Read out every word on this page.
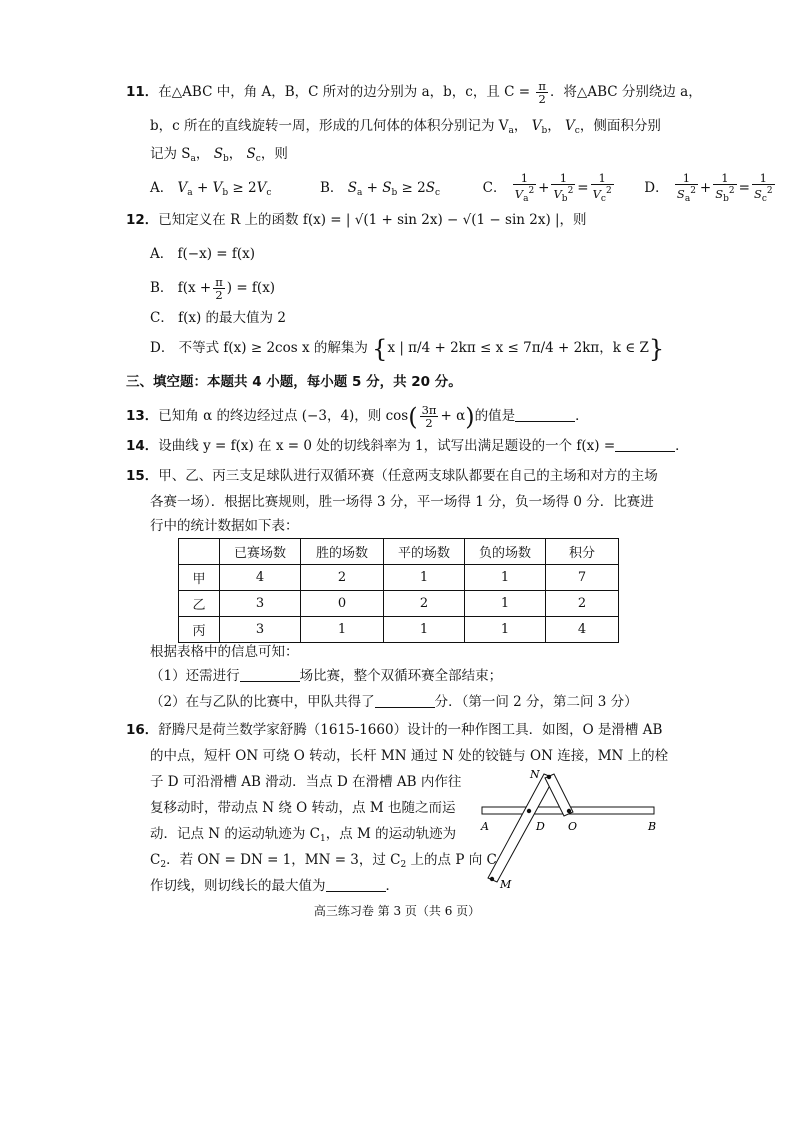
11．在△ABC 中，角 A，B，C 所对的边分别为 a，b，c，且 $C = \frac{\pi}{2}$ ．将△ABC 分别绕边 a，
b，c 所在的直线旋转一周，形成的几何体的体积分别记为 $V_a$， $V_b$， $V_c$，侧面积分别
记为 $S_a$， $S_b$， $S_c$，则
A． $V_a + V_b \ge 2V_c$	B． $S_a + S_b \ge 2S_c$	C． $\frac{1}{V_a^2} + \frac{1}{V_b^2} = \frac{1}{V_c^2}$ D． $\frac{1}{S_a^2} + \frac{1}{S_b^2} = \frac{1}{S_c^2}$
12．已知定义在 R 上的函数 f(x) = | √(1 + sin 2x) − √(1 − sin 2x) |，则
A． f(−x) = f(x)
B． $f(x + \frac{\pi}{2}$ ) = f(x)
C． f(x) 的最大值为 2
D． 不等式 f(x) ≥ 2cos x 的解集为 {x | π/4 + 2kπ ≤ x ≤ 7π/4 + 2kπ，k ∈ Z}
三、填空题：本题共 4 小题，每小题 5 分，共 20 分。
13．已知角 α 的终边经过点 (−3，4)，则 $\cos( \frac{3\pi}{2} + \alpha)$的值是	．
14．设曲线 y = f(x) 在 x = 0 处的切线斜率为 1，试写出满足题设的一个 f(x) =	．
15．甲、乙、丙三支足球队进行双循环赛（任意两支球队都要在自己的主场和对方的主场
各赛一场）．根据比赛规则，胜一场得 3 分，平一场得 1 分，负一场得 0 分．比赛进
行中的统计数据如下表：
	已赛场数	胜的场数	平的场数	负的场数	积分
甲	4	2	1	1	7
乙	3	0	2	1	2
丙	3	1	1	1	4
根据表格中的信息可知：
（1）还需进行	场比赛，整个双循环赛全部结束；
（2）在与乙队的比赛中，甲队共得了	分．（第一问 2 分，第二问 3 分）
16．舒腾尺是荷兰数学家舒腾（1615-1660）设计的一种作图工具．如图，O 是滑槽 AB
的中点，短杆 ON 可绕 O 转动，长杆 MN 通过 N 处的铰链与 ON 连接，MN 上的栓
子 D 可沿滑槽 AB 滑动．当点 D 在滑槽 AB 内作往
复移动时，带动点 N 绕 O 转动，点 M 也随之而运
动．记点 N 的运动轨迹为 $C_1$，点 M 的运动轨迹为
$C_2$．若 ON = DN = 1，MN = 3，过 $C_2$ 上的点 P 向 C
作切线，则切线长的最大值为	．
N
A	D O	B
M
高三练习卷 第 3 页（共 6 页）
